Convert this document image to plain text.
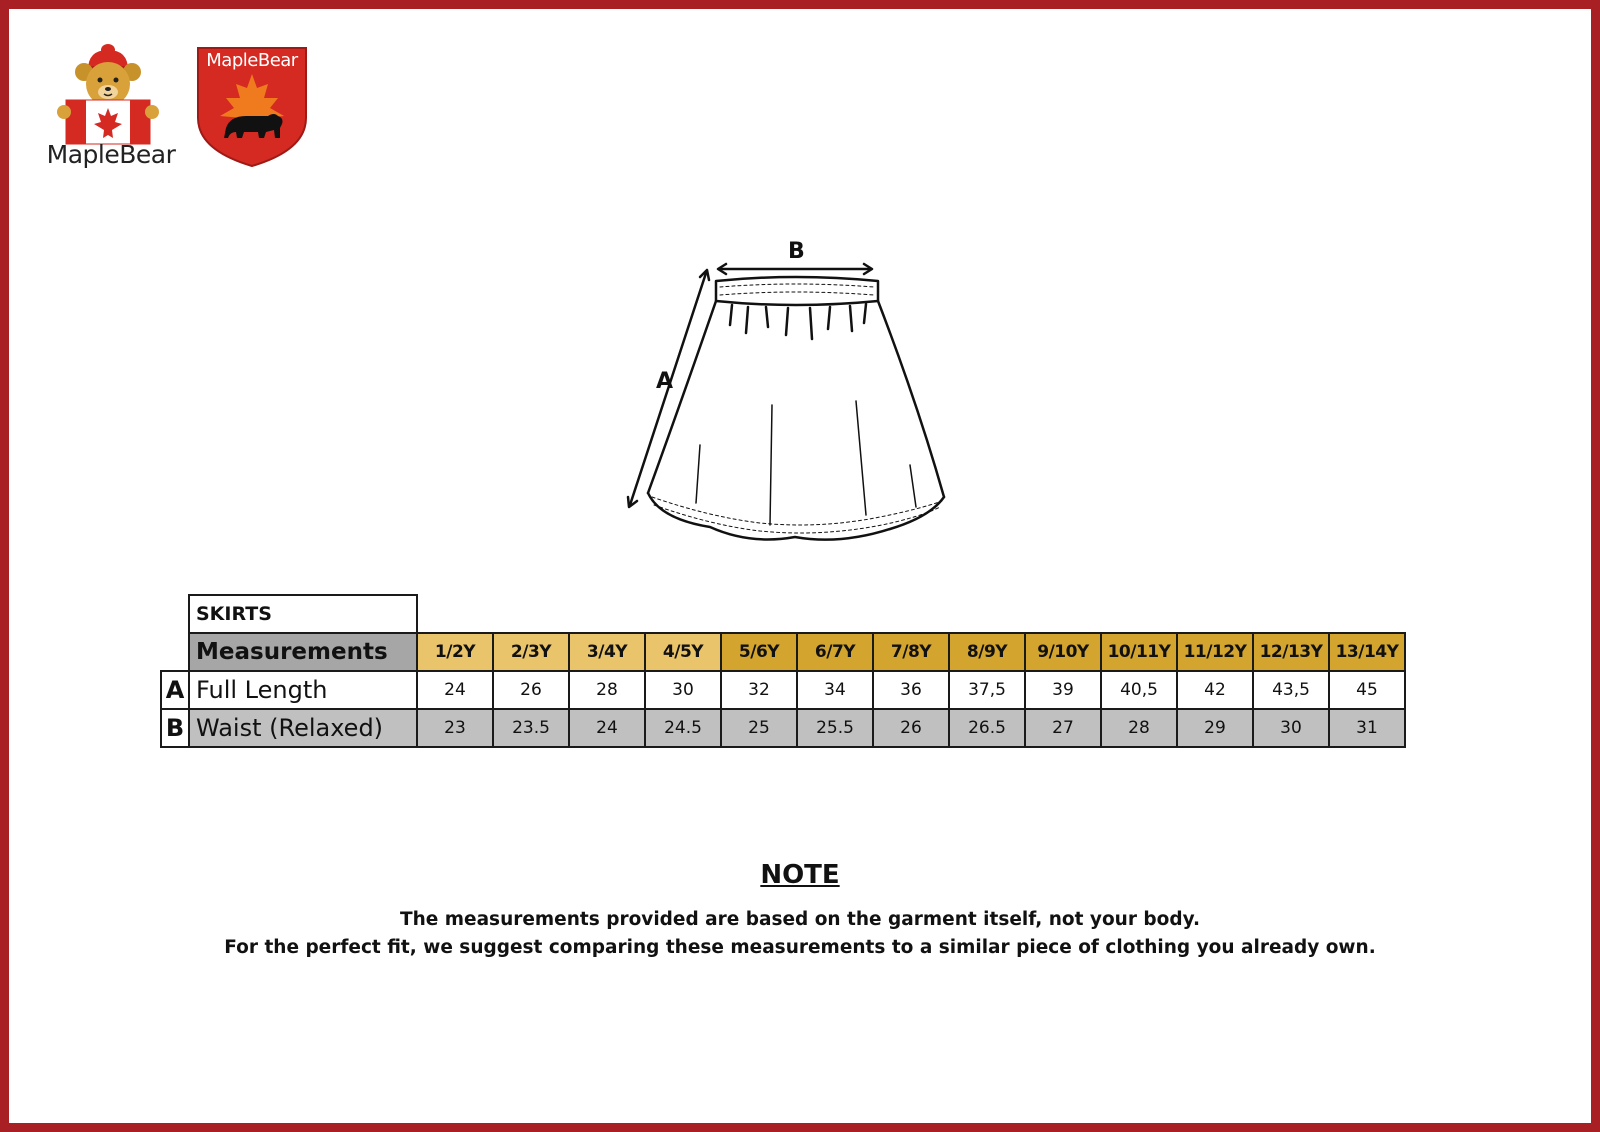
MapleBear
MapleBear
B
A
SKIRTS
Measurements	1/2Y	2/3Y	3/4Y	4/5Y	5/6Y	6/7Y	7/8Y	8/9Y	9/10Y	10/11Y 11/12Y 12/13Y 13/14Y
A Full Length	24	26	28	30	32	34	36	37,5	39	40,5	42	43,5	45
B Waist (Relaxed)	23	23.5	24	24.5	25	25.5	26	26.5	27	28	29	30	31
NOTE
The measurements provided are based on the garment itself, not your body.
For the perfect fit, we suggest comparing these measurements to a similar piece of clothing you already own.
